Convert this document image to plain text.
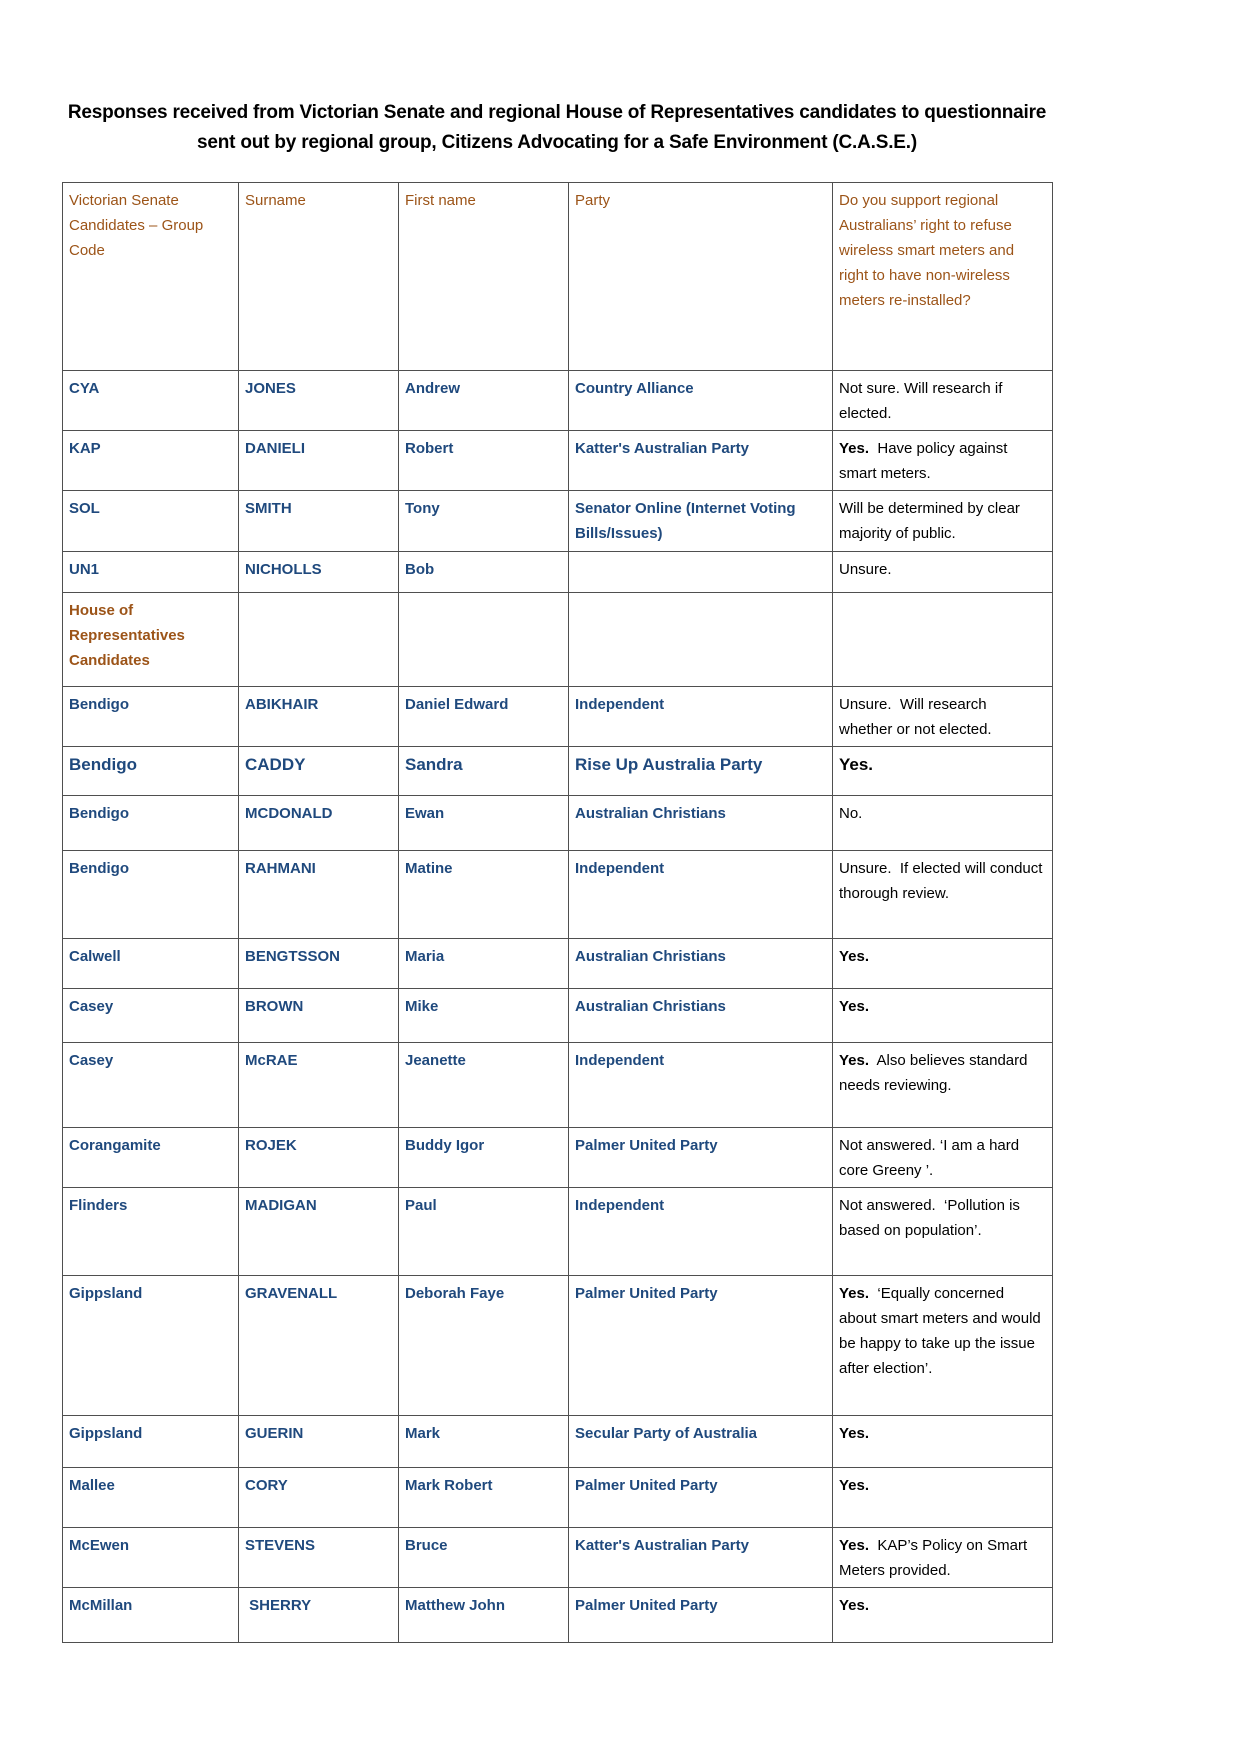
Responses received from Victorian Senate and regional House of Representatives candidates to questionnaire sent out by regional group, Citizens Advocating for a Safe Environment (C.A.S.E.)

Victorian Senate Candidates – Group Code	Surname	First name	Party	Do you support regional Australians’ right to refuse wireless smart meters and right to have non-wireless meters re-installed?
CYA	JONES	Andrew	Country Alliance	Not sure. Will research if elected.
KAP	DANIELI	Robert	Katter's Australian Party	Yes.  Have policy against smart meters.
SOL	SMITH	Tony	Senator Online (Internet Voting Bills/Issues)	Will be determined by clear majority of public.
UN1	NICHOLLS	Bob		Unsure.
House of Representatives Candidates				
Bendigo	ABIKHAIR	Daniel Edward	Independent	Unsure.  Will research whether or not elected.
Bendigo	CADDY	Sandra	Rise Up Australia Party	Yes.
Bendigo	MCDONALD	Ewan	Australian Christians	No.
Bendigo	RAHMANI	Matine	Independent	Unsure.  If elected will conduct thorough review.
Calwell	BENGTSSON	Maria	Australian Christians	Yes.
Casey	BROWN	Mike	Australian Christians	Yes.
Casey	McRAE	Jeanette	Independent	Yes.  Also believes standard needs reviewing.
Corangamite	ROJEK	Buddy Igor	Palmer United Party	Not answered. ‘I am a hard core Greeny ’.
Flinders	MADIGAN	Paul	Independent	Not answered.  ‘Pollution is based on population’.
Gippsland	GRAVENALL	Deborah Faye	Palmer United Party	Yes.  ‘Equally concerned about smart meters and would be happy to take up the issue after election’.
Gippsland	GUERIN	Mark	Secular Party of Australia	Yes.
Mallee	CORY	Mark Robert	Palmer United Party	Yes.
McEwen	STEVENS	Bruce	Katter's Australian Party	Yes.  KAP’s Policy on Smart Meters provided.
McMillan	SHERRY	Matthew John	Palmer United Party	Yes.
